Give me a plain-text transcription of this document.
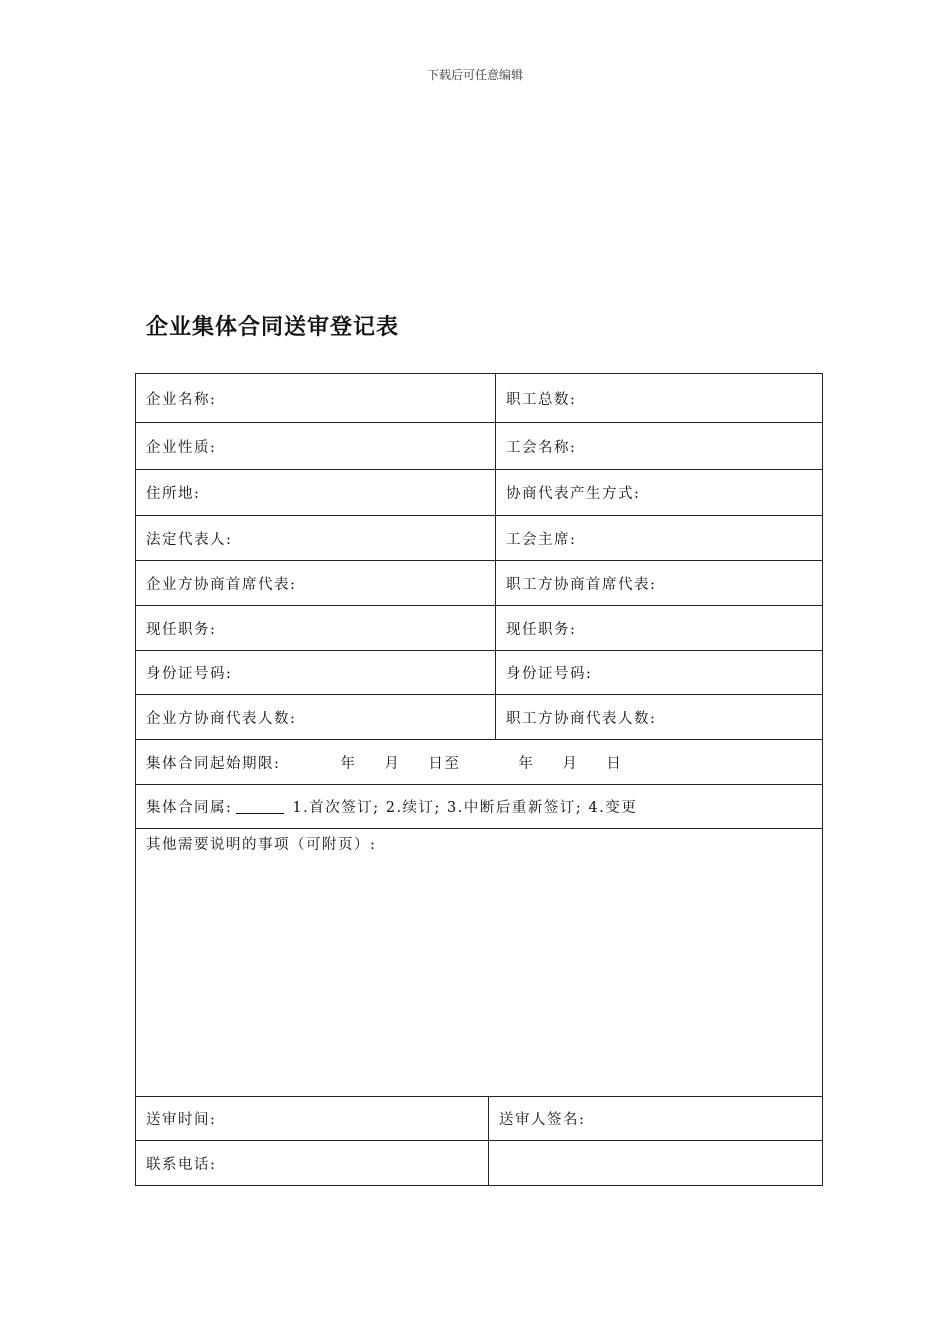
下载后可任意编辑
企业集体合同送审登记表
企业名称:	职工总数:
企业性质:	工会名称:
住所地:	协商代表产生方式:
法定代表人:	工会主席:
企业方协商首席代表:	职工方协商首席代表:
现任职务:	现任职务:
身份证号码:	身份证号码:
企业方协商代表人数:	职工方协商代表人数:
集体合同起始期限:	年 月 日至	年 月 日
集体合同属:	1.首次签订; 2.续订; 3.中断后重新签订; 4.变更
其他需要说明的事项（可附页）:
送审时间:	送审人签名:
联系电话:
